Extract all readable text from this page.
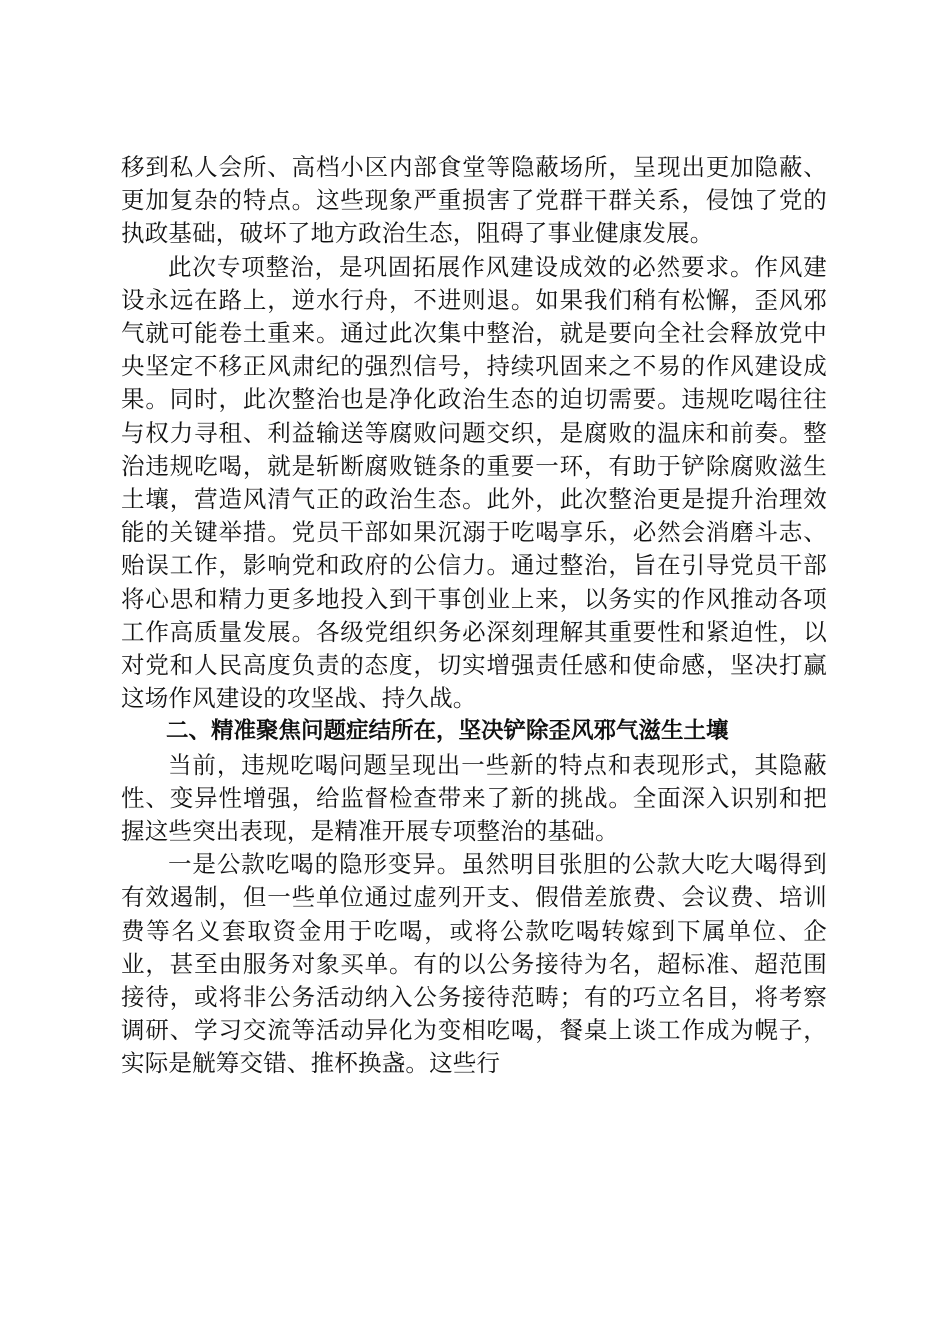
移到私人会所、高档小区内部食堂等隐蔽场所，呈现出更加隐蔽、更加复杂的特点。这些现象严重损害了党群干群关系，侵蚀了党的执政基础，破坏了地方政治生态，阻碍了事业健康发展。

此次专项整治，是巩固拓展作风建设成效的必然要求。作风建设永远在路上，逆水行舟，不进则退。如果我们稍有松懈，歪风邪气就可能卷土重来。通过此次集中整治，就是要向全社会释放党中央坚定不移正风肃纪的强烈信号，持续巩固来之不易的作风建设成果。同时，此次整治也是净化政治生态的迫切需要。违规吃喝往往与权力寻租、利益输送等腐败问题交织，是腐败的温床和前奏。整治违规吃喝，就是斩断腐败链条的重要一环，有助于铲除腐败滋生土壤，营造风清气正的政治生态。此外，此次整治更是提升治理效能的关键举措。党员干部如果沉溺于吃喝享乐，必然会消磨斗志、贻误工作，影响党和政府的公信力。通过整治，旨在引导党员干部将心思和精力更多地投入到干事创业上来，以务实的作风推动各项工作高质量发展。各级党组织务必深刻理解其重要性和紧迫性，以对党和人民高度负责的态度，切实增强责任感和使命感，坚决打赢这场作风建设的攻坚战、持久战。

二、精准聚焦问题症结所在，坚决铲除歪风邪气滋生土壤

当前，违规吃喝问题呈现出一些新的特点和表现形式，其隐蔽性、变异性增强，给监督检查带来了新的挑战。全面深入识别和把握这些突出表现，是精准开展专项整治的基础。

一是公款吃喝的隐形变异。虽然明目张胆的公款大吃大喝得到有效遏制，但一些单位通过虚列开支、假借差旅费、会议费、培训费等名义套取资金用于吃喝，或将公款吃喝转嫁到下属单位、企业，甚至由服务对象买单。有的以公务接待为名，超标准、超范围接待，或将非公务活动纳入公务接待范畴；有的巧立名目，将考察调研、学习交流等活动异化为变相吃喝，餐桌上谈工作成为幌子，实际是觥筹交错、推杯换盏。这些行
